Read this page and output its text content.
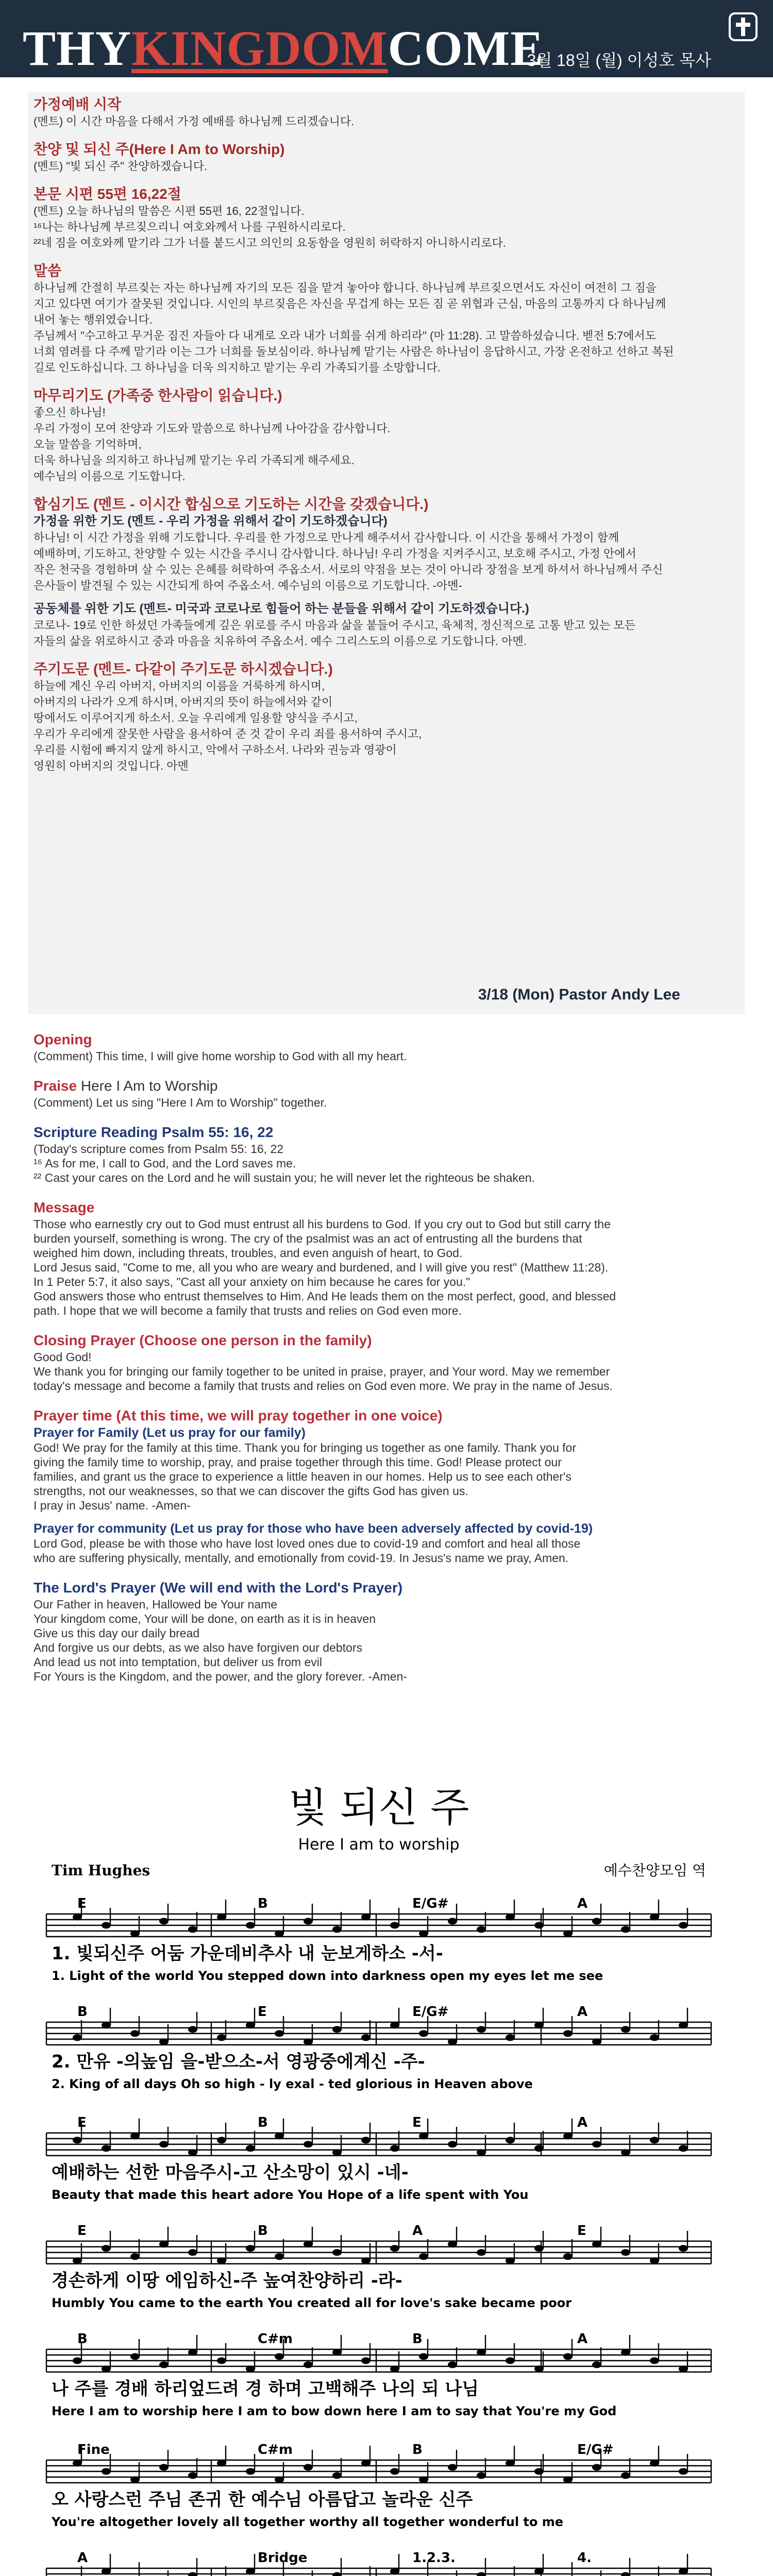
THYKINGDOMCOME
3월 18일 (월) 이성호 목사
가정예배 시작
(멘트) 이 시간 마음을 다해서 가정 예배를 하나님께 드리겠습니다.
찬양 및 되신 주(Here I Am to Worship)
(멘트) "빛 되신 주" 찬양하겠습니다.
본문 시편 55편 16,22절
(멘트) 오늘 하나님의 말씀은 시편 55편 16, 22절입니다.
¹⁶나는 하나님께 부르짖으리니 여호와께서 나를 구원하시리로다.
²²네 짐을 여호와께 맡기라 그가 너를 붙드시고 의인의 요동함을 영원히 허락하지 아니하시리로다.
말씀
하나님께 간절히 부르짖는 자는 하나님께 자기의 모든 짐을 맡겨 놓아야 합니다. 하나님께 부르짖으면서도 자신이 여전히 그 짐을
지고 있다면 여기가 잘못된 것입니다. 시인의 부르짖음은 자신을 무겁게 하는 모든 짐 곧 위협과 근심, 마음의 고통까지 다 하나님께
내어 놓는 행위였습니다.
주님께서 "수고하고 무거운 짐진 자들아 다 내게로 오라 내가 너희를 쉬게 하리라" (마 11:28). 고 말씀하셨습니다. 벧전 5:7에서도
너희 염려를 다 주께 맡기라 이는 그가 너희를 돌보심이라. 하나님께 맡기는 사람은 하나님이 응답하시고, 가장 온전하고 선하고 복된
길로 인도하십니다. 그 하나님을 더욱 의지하고 맡기는 우리 가족되기를 소망합니다.
마무리기도 (가족중 한사람이 읽습니다.)
좋으신 하나님!
우리 가정이 모여 찬양과 기도와 말씀으로 하나님께 나아감을 감사합니다.
오늘 말씀을 기억하며,
더욱 하나님을 의지하고 하나님께 맡기는 우리 가족되게 해주세요.
예수님의 이름으로 기도합니다.
합심기도 (멘트 - 이시간 합심으로 기도하는 시간을 갖겠습니다.)
가정을 위한 기도 (멘트 - 우리 가정을 위해서 같이 기도하겠습니다)
하나님! 이 시간 가정을 위해 기도합니다. 우리를 한 가정으로 만나게 해주셔서 감사합니다. 이 시간을 통해서 가정이 함께
예배하며, 기도하고, 찬양할 수 있는 시간을 주시니 감사합니다. 하나님! 우리 가정을 지켜주시고, 보호해 주시고, 가정 안에서
작은 천국을 경험하며 살 수 있는 은혜를 허락하여 주옵소서. 서로의 약점을 보는 것이 아니라 장점을 보게 하셔서 하나님께서 주신
은사들이 발견될 수 있는 시간되게 하여 주옵소서. 예수님의 이름으로 기도합니다. -아멘-
공동체를 위한 기도 (멘트- 미국과 코로나로 힘들어 하는 분들을 위해서 같이 기도하겠습니다.)
코로나- 19로 인한 하셨던 가족들에게 깊은 위로를 주시 마음과 삶을 붙들어 주시고, 육체적, 정신적으로 고통 받고 있는 모든
자들의 삶을 위로하시고 중과 마음을 치유하여 주옵소서. 예수 그리스도의 이름으로 기도합니다. 아멘.
주기도문 (멘트- 다같이 주기도문 하시겠습니다.)
하늘에 계신 우리 아버지, 아버지의 이름을 거룩하게 하시며,
아버지의 나라가 오게 하시며, 아버지의 뜻이 하늘에서와 같이
땅에서도 이루어지게 하소서. 오늘 우리에게 일용할 양식을 주시고,
우리가 우리에게 잘못한 사람을 용서하여 준 것 같이 우리 죄를 용서하여 주시고,
우리를 시험에 빠지지 않게 하시고, 악에서 구하소서. 나라와 권능과 영광이
영원히 아버지의 것입니다. 아멘
3/18 (Mon) Pastor Andy Lee
Opening
(Comment) This time, I will give home worship to God with all my heart.
Praise Here I Am to Worship
(Comment) Let us sing "Here I Am to Worship" together.
Scripture Reading Psalm 55: 16, 22
(Today's scripture comes from Psalm 55: 16, 22
¹⁶ As for me, I call to God, and the Lord saves me.
²² Cast your cares on the Lord and he will sustain you; he will never let the righteous be shaken.
Message
Those who earnestly cry out to God must entrust all his burdens to God. If you cry out to God but still carry the
burden yourself, something is wrong. The cry of the psalmist was an act of entrusting all the burdens that
weighed him down, including threats, troubles, and even anguish of heart, to God.
Lord Jesus said, "Come to me, all you who are weary and burdened, and I will give you rest" (Matthew 11:28).
In 1 Peter 5:7, it also says, "Cast all your anxiety on him because he cares for you."
God answers those who entrust themselves to Him. And He leads them on the most perfect, good, and blessed
path. I hope that we will become a family that trusts and relies on God even more.
Closing Prayer (Choose one person in the family)
Good God!
We thank you for bringing our family together to be united in praise, prayer, and Your word. May we remember
today's message and become a family that trusts and relies on God even more. We pray in the name of Jesus.
Prayer time (At this time, we will pray together in one voice)
Prayer for Family (Let us pray for our family)
God! We pray for the family at this time. Thank you for bringing us together as one family. Thank you for
giving the family time to worship, pray, and praise together through this time. God! Please protect our
families, and grant us the grace to experience a little heaven in our homes. Help us to see each other's
strengths, not our weaknesses, so that we can discover the gifts God has given us.
I pray in Jesus' name. -Amen-
Prayer for community (Let us pray for those who have been adversely affected by covid-19)
Lord God, please be with those who have lost loved ones due to covid-19 and comfort and heal all those
who are suffering physically, mentally, and emotionally from covid-19. In Jesus's name we pray, Amen.
The Lord's Prayer (We will end with the Lord's Prayer)
Our Father in heaven, Hallowed be Your name
Your kingdom come, Your will be done, on earth as it is in heaven
Give us this day our daily bread
And forgive us our debts, as we also have forgiven our debtors
And lead us not into temptation, but deliver us from evil
For Yours is the Kingdom, and the power, and the glory forever. -Amen-
빛 되신 주
Here I am to worship
Tim Hughes	예수찬양모임 역
E	B	E/G#	A
1. 빛되신주 어둠 가운데비추사 내 눈보게하소 -서-
1. Light of the world You stepped down into darkness open my eyes let me see
B	E	E/G#	A
2. 만유 -의높임 을-받으소-서 영광중에계신 -주-
2. King of all days Oh so high - ly exal - ted glorious in Heaven above
E	B	E	A
예배하는 선한 마음주시-고 산소망이 있시 -네-
Beauty that made this heart adore You Hope of a life spent with You
E	B	A	E
경손하게 이땅 에임하신-주 높여찬양하리 -라-
Humbly You came to the earth You created all for love's sake became poor
B	C#m	B	A
나 주를 경배 하리엎드려 경 하며 고백해주 나의 되 나님
Here I am to worship here I am to bow down here I am to say that You're my God
Fine	C#m	B	E/G#
오 사랑스런 주님 존귀 한 예수님 아름답고 놀라운 신주
You're altogether lovely all together worthy all together wonderful to me
A	Bridge	1.2.3.	4.
